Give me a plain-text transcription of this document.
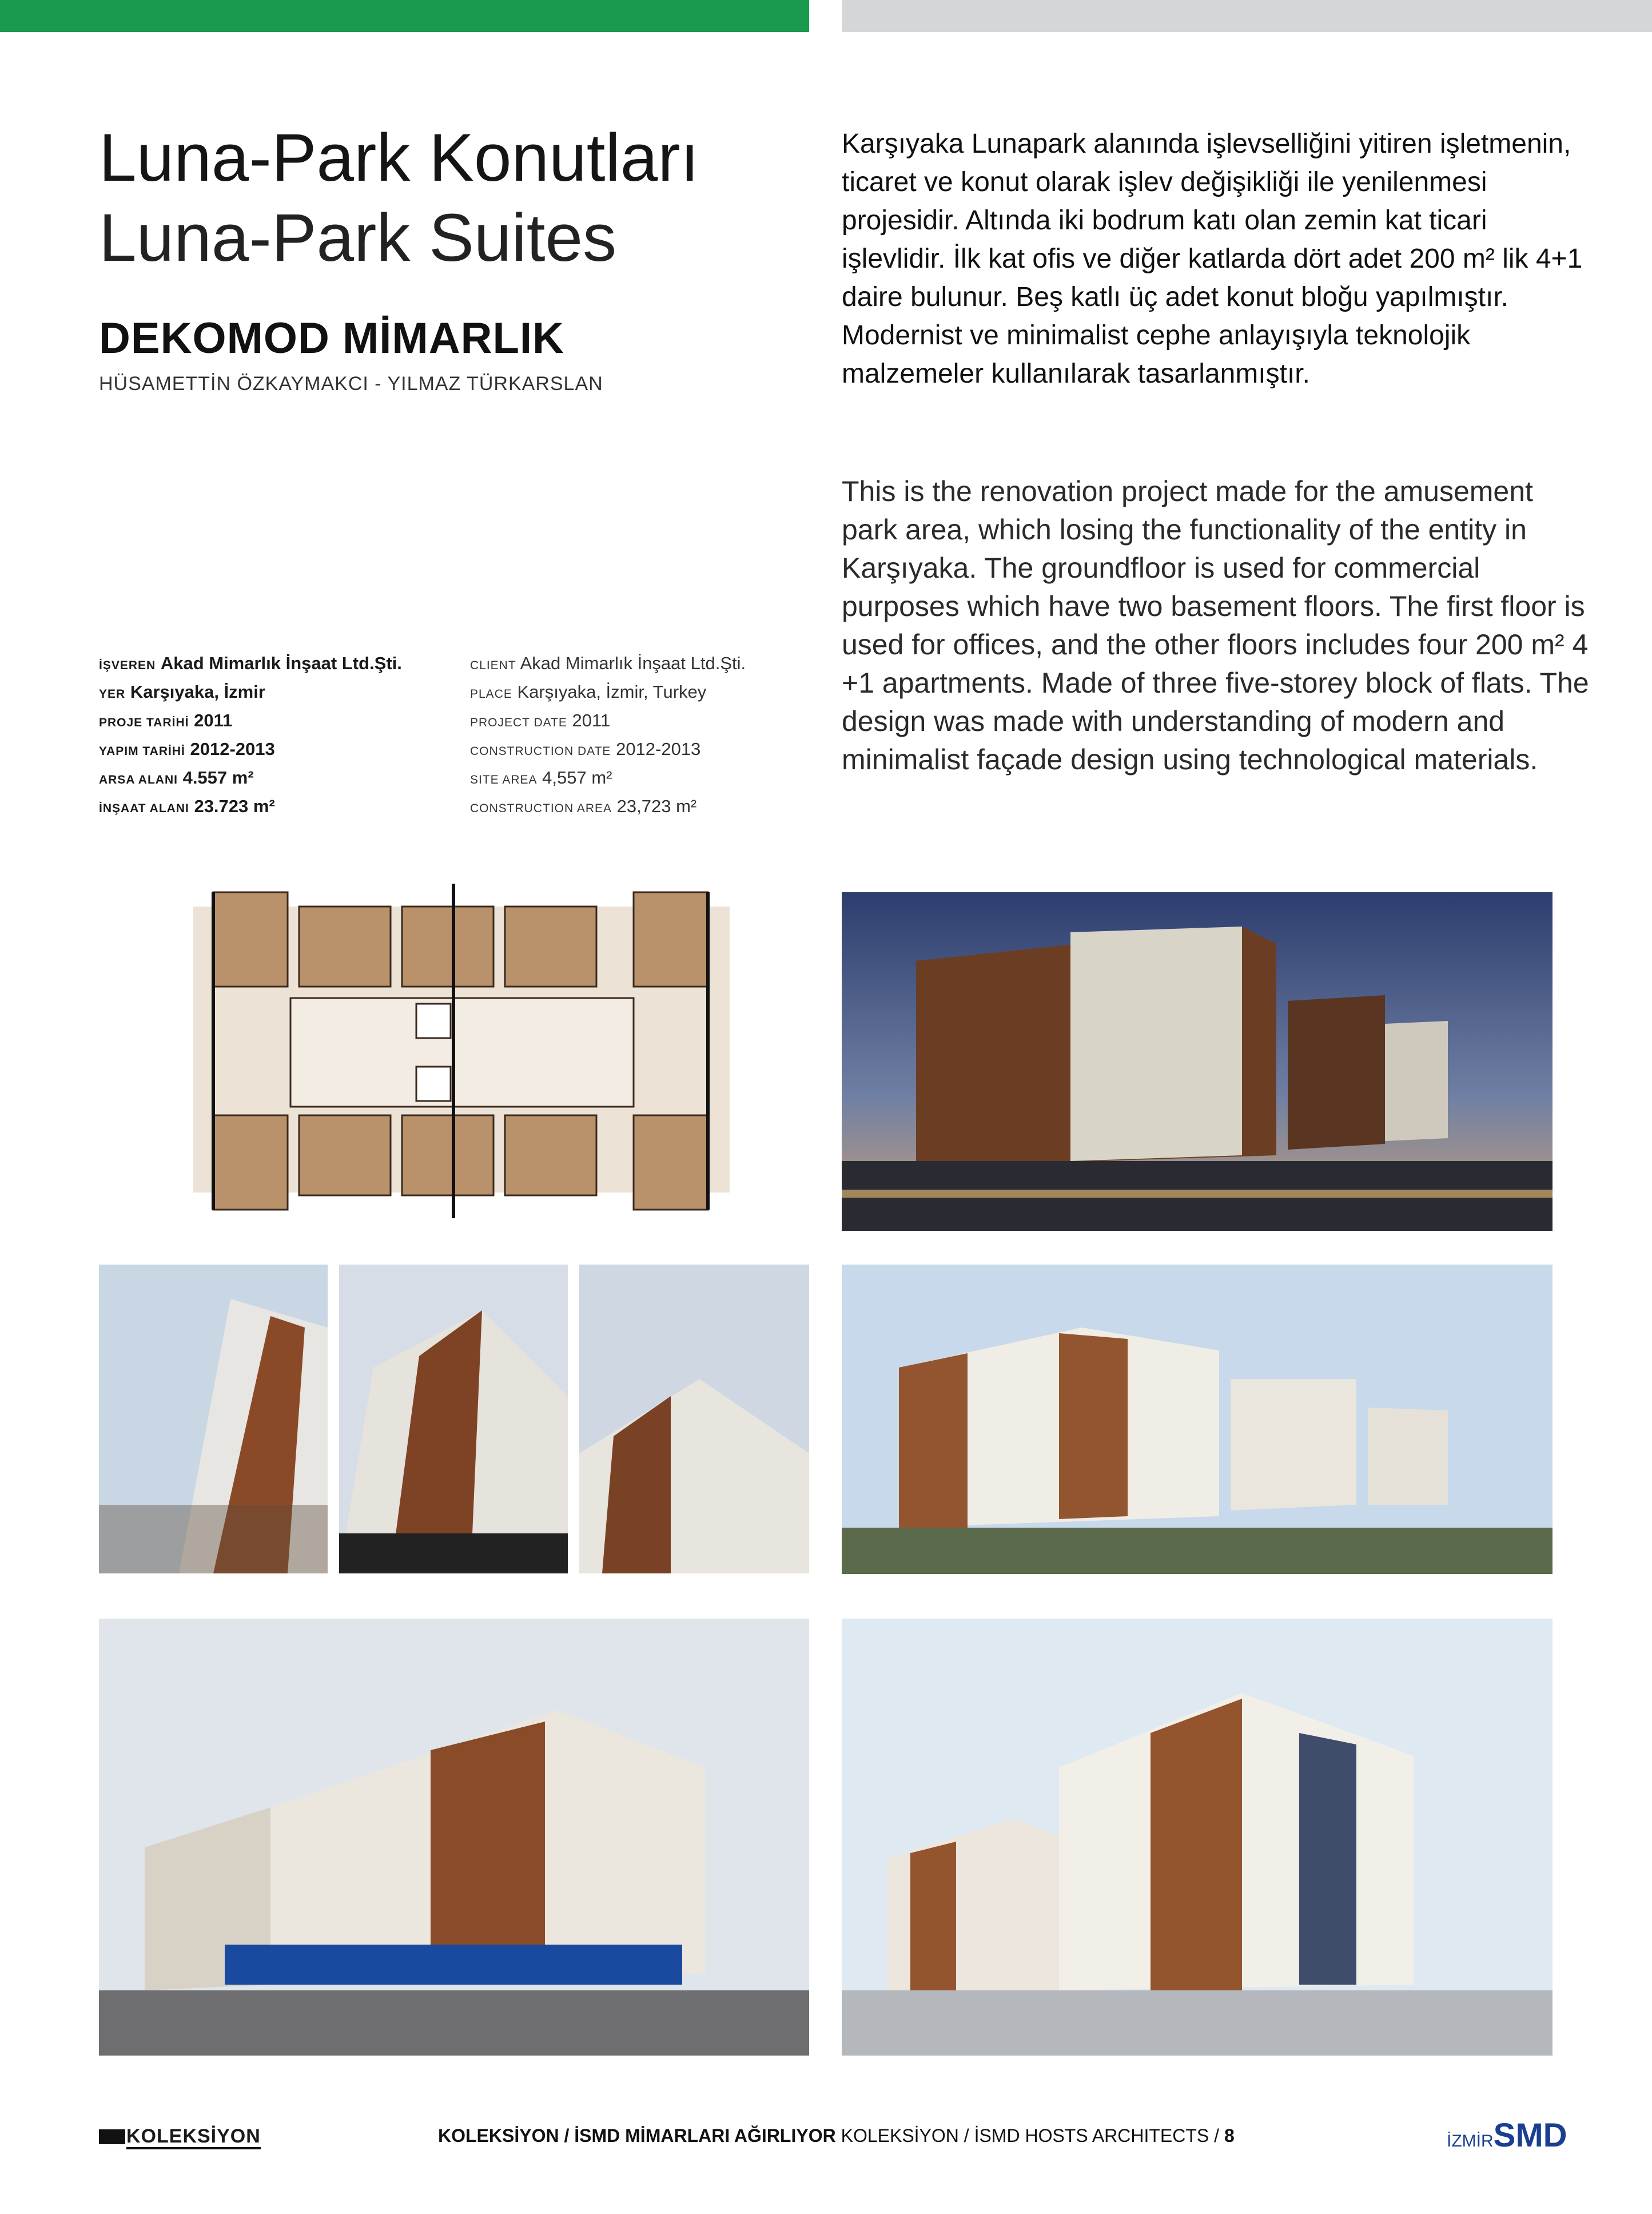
Luna-Park Konutları
Luna-Park Suites
DEKOMOD MİMARLIK
HÜSAMETTİN ÖZKAYMAKCI - YILMAZ TÜRKARSLAN

Karşıyaka Lunapark alanında işlevselliğini yitiren işletmenin, ticaret ve konut olarak işlev değişikliği ile yenilenmesi projesidir. Altında iki bodrum katı olan zemin kat ticari işlevlidir. İlk kat ofis ve diğer katlarda dört adet 200 m² lik 4+1 daire bulunur. Beş katlı üç adet konut bloğu yapılmıştır. Modernist ve minimalist cephe anlayışıyla teknolojik malzemeler kullanılarak tasarlanmıştır.

This is the renovation project made for the amusement park area, which losing the functionality of the entity in Karşıyaka. The groundfloor is used for commercial purposes which have two basement floors. The first floor is used for offices, and the other floors includes four 200 m² 4 +1 apartments. Made of three five-storey block of flats. The design was made with understanding of modern and minimalist façade design using technological materials.

İŞVEREN Akad Mimarlık İnşaat Ltd.Şti.
YER Karşıyaka, İzmir
PROJE TARİHİ 2011
YAPIM TARİHİ 2012-2013
ARSA ALANI 4.557 m²
İNŞAAT ALANI 23.723 m²
CLIENT Akad Mimarlık İnşaat Ltd.Şti.
PLACE Karşıyaka, İzmir, Turkey
PROJECT DATE 2011
CONSTRUCTION DATE 2012-2013
SITE AREA 4,557 m²
CONSTRUCTION AREA 23,723 m²
KOLEKSİYON	KOLEKSİYON / İSMD MİMARLARI AĞIRLIYOR KOLEKSİYON / İSMD HOSTS ARCHITECTS / 8	İZMİRSMD
